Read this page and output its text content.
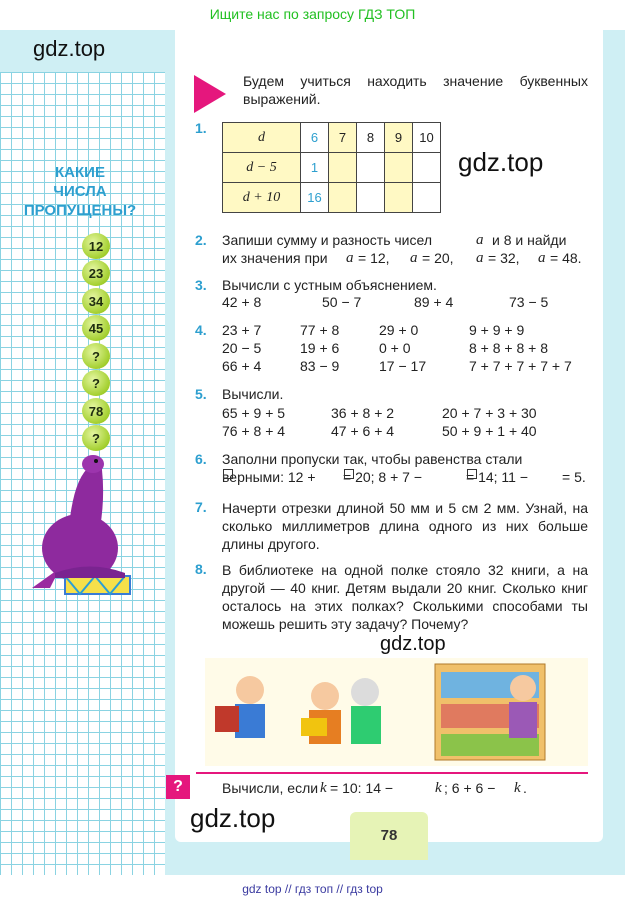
Ищите нас по запросу ГДЗ ТОП
gdz.top
gdz.top
gdz.top
gdz.top
КАКИЕ
ЧИСЛА
ПРОПУЩЕНЫ?
12
23
34
45
?
?
78
?
Будем учиться находить значение буквенных выражений.
1.
d	6	7	8	9	10
d − 5	1				
d + 10	16				
2. Запиши сумму и разность чисел	a и 8 и найди
их значения при a = 12, a = 20, a = 32, a = 48.
3. Вычисли с устным объяснением.
42 + 8	50 − 7	89 + 4	73 − 5
4. 23 + 7	77 + 8	29 + 0	9 + 9 + 9
20 − 5	19 + 6	0 + 0	8 + 8 + 8 + 8
66 + 4	83 − 9	17 − 17	7 + 7 + 7 + 7 + 7
5. Вычисли.
65 + 9 + 5	36 + 8 + 2	20 + 7 + 3 + 30
76 + 8 + 4	47 + 6 + 4	50 + 9 + 1 + 40
6. Заполни пропуски так, чтобы равенства стали
верными: 12 + = 20; 8 + 7 −	= 14; 11 − = 5.
7. Начерти отрезки длиной 50 мм и 5 см 2 мм. Узнай, на сколько миллиметров длина одного из них больше длины другого.
8. В библиотеке на одной полке стояло 32 книги, а на другой — 40 книг. Детям выдали 20 книг. Сколько книг осталось на этих полках? Сколькими способами ты можешь решить эту задачу? Почему?
?	Вычисли, если k = 10: 14 −	k ; 6 + 6 − k .
78
gdz top // гдз топ // гдз top
